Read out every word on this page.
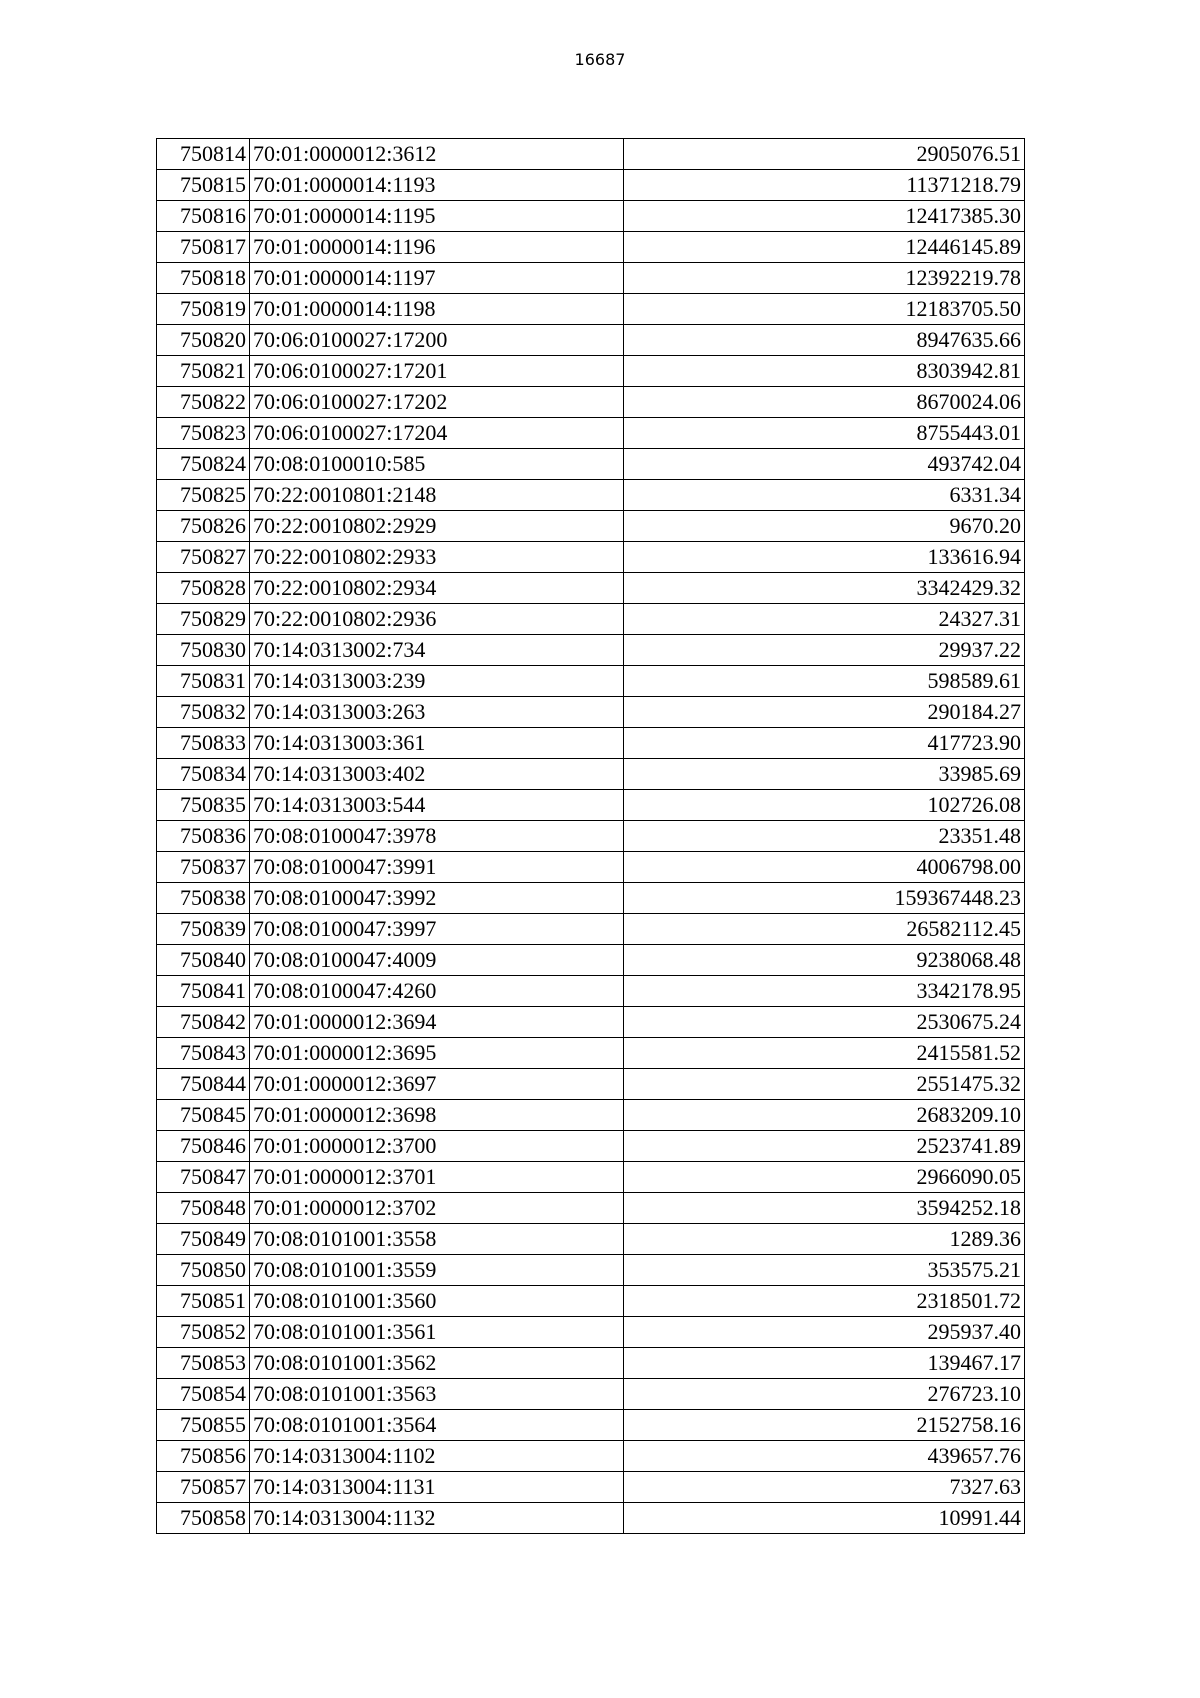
16687
750814	70:01:0000012:3612	2905076.51
750815	70:01:0000014:1193	11371218.79
750816	70:01:0000014:1195	12417385.30
750817	70:01:0000014:1196	12446145.89
750818	70:01:0000014:1197	12392219.78
750819	70:01:0000014:1198	12183705.50
750820	70:06:0100027:17200	8947635.66
750821	70:06:0100027:17201	8303942.81
750822	70:06:0100027:17202	8670024.06
750823	70:06:0100027:17204	8755443.01
750824	70:08:0100010:585	493742.04
750825	70:22:0010801:2148	6331.34
750826	70:22:0010802:2929	9670.20
750827	70:22:0010802:2933	133616.94
750828	70:22:0010802:2934	3342429.32
750829	70:22:0010802:2936	24327.31
750830	70:14:0313002:734	29937.22
750831	70:14:0313003:239	598589.61
750832	70:14:0313003:263	290184.27
750833	70:14:0313003:361	417723.90
750834	70:14:0313003:402	33985.69
750835	70:14:0313003:544	102726.08
750836	70:08:0100047:3978	23351.48
750837	70:08:0100047:3991	4006798.00
750838	70:08:0100047:3992	159367448.23
750839	70:08:0100047:3997	26582112.45
750840	70:08:0100047:4009	9238068.48
750841	70:08:0100047:4260	3342178.95
750842	70:01:0000012:3694	2530675.24
750843	70:01:0000012:3695	2415581.52
750844	70:01:0000012:3697	2551475.32
750845	70:01:0000012:3698	2683209.10
750846	70:01:0000012:3700	2523741.89
750847	70:01:0000012:3701	2966090.05
750848	70:01:0000012:3702	3594252.18
750849	70:08:0101001:3558	1289.36
750850	70:08:0101001:3559	353575.21
750851	70:08:0101001:3560	2318501.72
750852	70:08:0101001:3561	295937.40
750853	70:08:0101001:3562	139467.17
750854	70:08:0101001:3563	276723.10
750855	70:08:0101001:3564	2152758.16
750856	70:14:0313004:1102	439657.76
750857	70:14:0313004:1131	7327.63
750858	70:14:0313004:1132	10991.44
